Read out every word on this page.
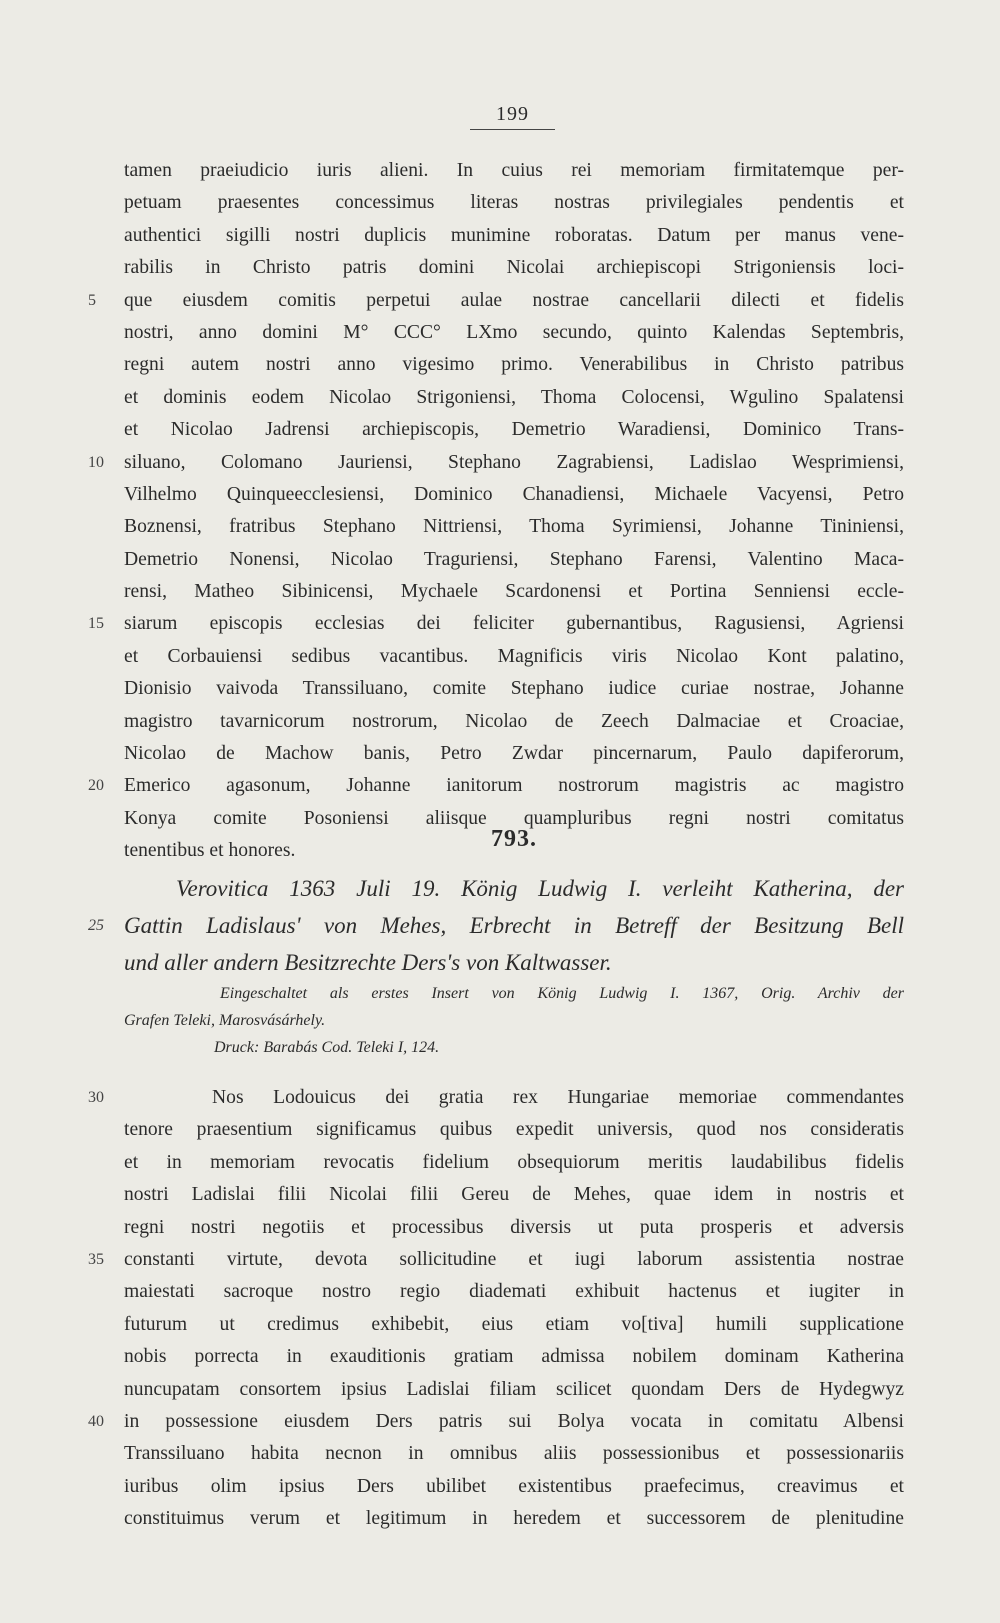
199
tamen praeiudicio iuris alieni. In cuius rei memoriam firmitatemque per-
petuam praesentes concessimus literas nostras privilegiales pendentis et
authentici sigilli nostri duplicis munimine roboratas. Datum per manus vene-
rabilis in Christo patris domini Nicolai archiepiscopi Strigoniensis loci-
que eiusdem comitis perpetui aulae nostrae cancellarii dilecti et fidelis
5
nostri, anno domini M° CCC° LXmo secundo, quinto Kalendas Septembris,
regni autem nostri anno vigesimo primo. Venerabilibus in Christo patribus
et dominis eodem Nicolao Strigoniensi, Thoma Colocensi, Wgulino Spalatensi
et Nicolao Jadrensi archiepiscopis, Demetrio Waradiensi, Dominico Trans-
siluano, Colomano Jauriensi, Stephano Zagrabiensi, Ladislao Wesprimiensi,
10
Vilhelmo Quinqueecclesiensi, Dominico Chanadiensi, Michaele Vacyensi, Petro
Boznensi, fratribus Stephano Nittriensi, Thoma Syrimiensi, Johanne Tininiensi,
Demetrio Nonensi, Nicolao Traguriensi, Stephano Farensi, Valentino Maca-
rensi, Matheo Sibinicensi, Mychaele Scardonensi et Portina Senniensi eccle-
siarum episcopis ecclesias dei feliciter gubernantibus, Ragusiensi, Agriensi
15
et Corbauiensi sedibus vacantibus. Magnificis viris Nicolao Kont palatino,
Dionisio vaivoda Transsiluano, comite Stephano iudice curiae nostrae, Johanne
magistro tavarnicorum nostrorum, Nicolao de Zeech Dalmaciae et Croaciae,
Nicolao de Machow banis, Petro Zwdar pincernarum, Paulo dapiferorum,
Emerico agasonum, Johanne ianitorum nostrorum magistris ac magistro
20
Konya comite Posoniensi aliisque quampluribus regni nostri comitatus
tenentibus et honores.	793.
Verovitica 1363 Juli 19. König Ludwig I. verleiht Katherina, der
Gattin Ladislaus' von Mehes, Erbrecht in Betreff der Besitzung Bell
25
und aller andern Besitzrechte Ders's von Kaltwasser.
Eingeschaltet als erstes Insert von König Ludwig I. 1367, Orig. Archiv der
Grafen Teleki, Marosvásárhely.
Druck: Barabás Cod. Teleki I, 124.
Nos Lodouicus dei gratia rex Hungariae memoriae commendantes
30
tenore praesentium significamus quibus expedit universis, quod nos consideratis
et in memoriam revocatis fidelium obsequiorum meritis laudabilibus fidelis
nostri Ladislai filii Nicolai filii Gereu de Mehes, quae idem in nostris et
regni nostri negotiis et processibus diversis ut puta prosperis et adversis
constanti virtute, devota sollicitudine et iugi laborum assistentia nostrae
35
maiestati sacroque nostro regio diademati exhibuit hactenus et iugiter in
futurum ut credimus exhibebit, eius etiam vo[tiva] humili supplicatione
nobis porrecta in exauditionis gratiam admissa nobilem dominam Katherina
nuncupatam consortem ipsius Ladislai filiam scilicet quondam Ders de Hydegwyz
in possessione eiusdem Ders patris sui Bolya vocata in comitatu Albensi
40
Transsiluano habita necnon in omnibus aliis possessionibus et possessionariis
iuribus olim ipsius Ders ubilibet existentibus praefecimus, creavimus et
constituimus verum et legitimum in heredem et successorem de plenitudine
